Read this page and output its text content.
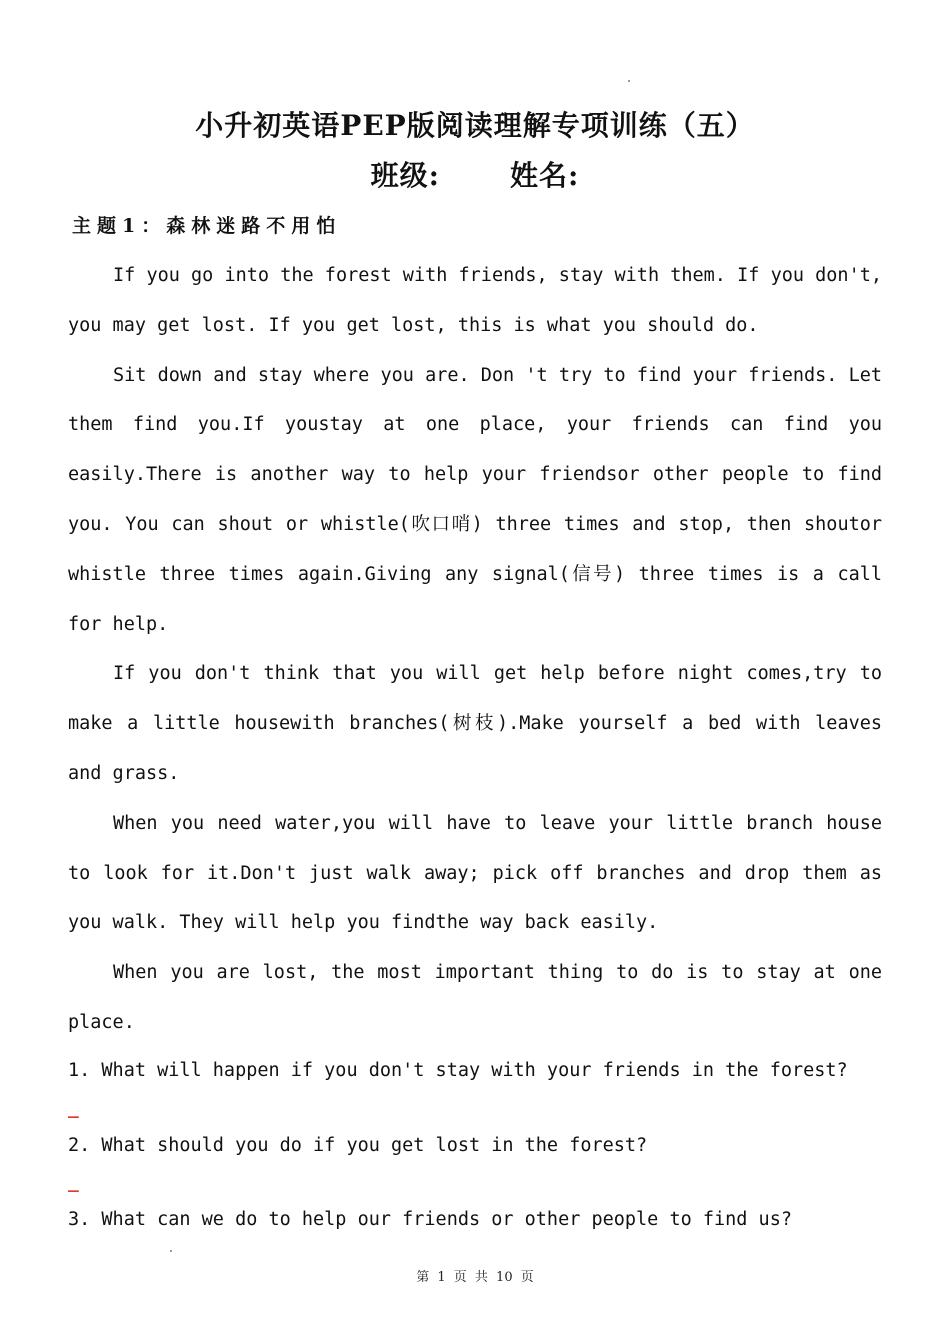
小升初英语PEP版阅读理解专项训练（五）
班级:	姓名:
主题1：森林迷路不用怕

If you go into the forest with friends, stay with them. If you don't, you may get lost. If you get lost, this is what you should do.

Sit down and stay where you are. Don 't try to find your friends. Let them find you.If youstay at one place, your friends can find you easily.There is another way to help your friendsor other people to find you. You can shout or whistle(吹口哨) three times and stop, then shoutor whistle three times again.Giving any signal(信号) three times is a call for help.

If you don't think that you will get help before night comes,try to make a little housewith branches(树枝).Make yourself a bed with leaves and grass.

When you need water,you will have to leave your little branch house to look for it.Don't just walk away; pick off branches and drop them as you walk. They will help you findthe way back easily.

When you are lost, the most important thing to do is to stay at one place.

1. What will happen if you don't stay with your friends in the forest?
_
2. What should you do if you get lost in the forest?
_
3. What can we do to help our friends or other people to find us?
第 1 页 共 10 页
